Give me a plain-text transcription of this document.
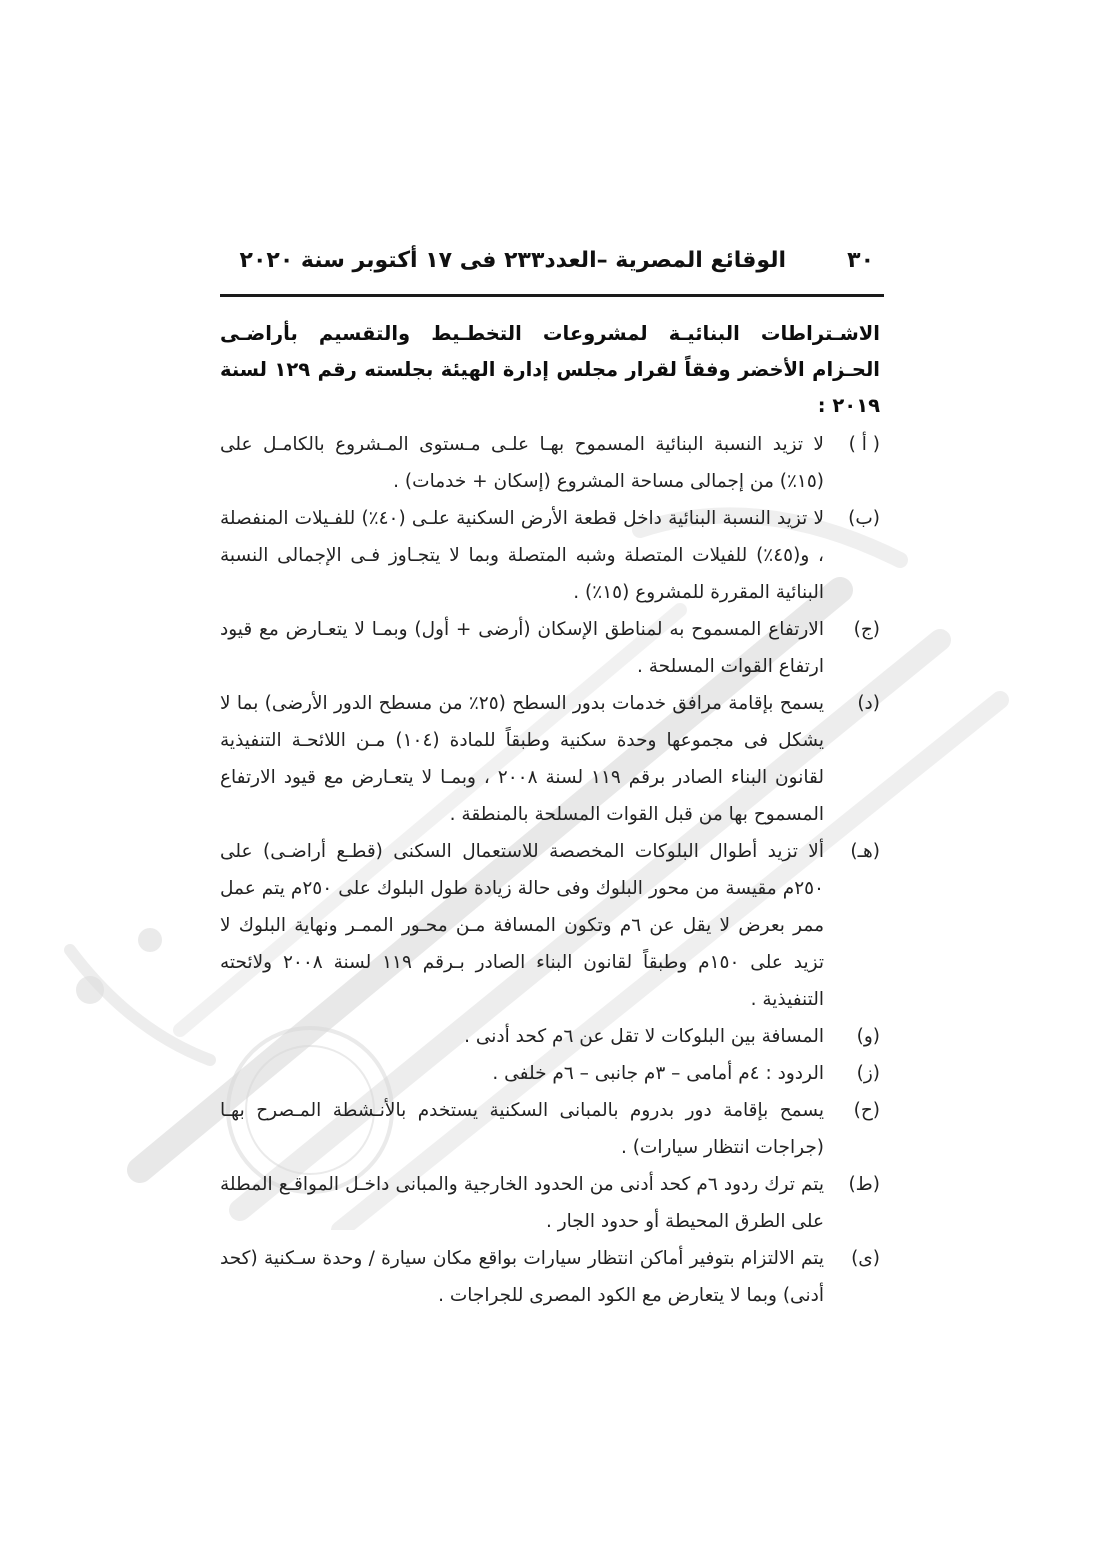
٣٠
الوقائع المصرية –العدد٢٣٣ فى ١٧ أكتوبر سنة ٢٠٢٠

الاشـتراطات البنائيـة لمشروعات التخطـيط والتقسيم بأراضـى الحـزام الأخضر وفقاً لقرار مجلس إدارة الهيئة بجلسته رقم ١٢٩ لسنة ٢٠١٩ :

( أ )
لا تزيد النسبة البنائية المسموح بهـا علـى مـستوى المـشروع بالكامـل على (١٥٪) من إجمالى مساحة المشروع (إسكان + خدمات) .
(ب)
لا تزيد النسبة البنائية داخل قطعة الأرض السكنية علـى (٤٠٪) للفـيلات المنفصلة ، و(٤٥٪) للفيلات المتصلة وشبه المتصلة وبما لا يتجـاوز فـى الإجمالى النسبة البنائية المقررة للمشروع (١٥٪) .
(ج)
الارتفاع المسموح به لمناطق الإسكان (أرضى + أول) وبمـا لا يتعـارض مع قيود ارتفاع القوات المسلحة .
(د)
يسمح بإقامة مرافق خدمات بدور السطح (٢٥٪ من مسطح الدور الأرضى) بما لا يشكل فى مجموعها وحدة سكنية وطبقاً للمادة (١٠٤) مـن اللائحـة التنفيذية لقانون البناء الصادر برقم ١١٩ لسنة ٢٠٠٨ ، وبمـا لا يتعـارض مع قيود الارتفاع المسموح بها من قبل القوات المسلحة بالمنطقة .
(هـ)
ألا تزيد أطوال البلوكات المخصصة للاستعمال السكنى (قطـع أراضـى) على ٢٥٠م مقيسة من محور البلوك وفى حالة زيادة طول البلوك على ٢٥٠م يتم عمل ممر بعرض لا يقل عن ٦م وتكون المسافة مـن محـور الممـر ونهاية البلوك لا تزيد على ١٥٠م وطبقاً لقانون البناء الصادر بـرقم ١١٩ لسنة ٢٠٠٨ ولائحته التنفيذية .
(و)
المسافة بين البلوكات لا تقل عن ٦م كحد أدنى .
(ز)
الردود : ٤م أمامى – ٣م جانبى – ٦م خلفى .
(ح)
يسمح بإقامة دور بدروم بالمبانى السكنية يستخدم بالأنـشطة المـصرح بهـا (جراجات انتظار سيارات) .
(ط)
يتم ترك ردود ٦م كحد أدنى من الحدود الخارجية والمبانى داخـل المواقـع المطلة على الطرق المحيطة أو حدود الجار .
(ى)
يتم الالتزام بتوفير أماكن انتظار سيارات بواقع مكان سيارة / وحدة سـكنية (كحد أدنى) وبما لا يتعارض مع الكود المصرى للجراجات .
